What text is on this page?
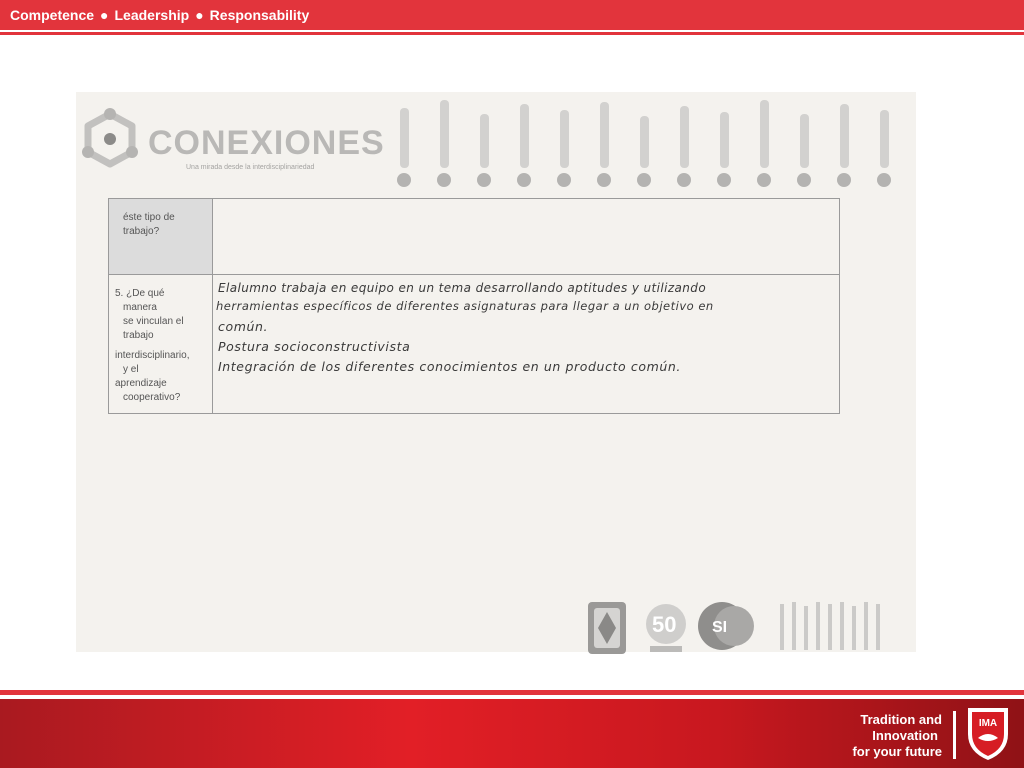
Competence ● Leadership ● Responsability
CONEXIONES
Una mirada desde la interdisciplinariedad
éste tipo de
trabajo?
5. ¿De qué
manera
se vinculan el
trabajo
interdisciplinario,
y el
aprendizaje
cooperativo?
Elalumno trabaja en equipo en un tema desarrollando aptitudes y utilizando
herramientas específicos de diferentes asignaturas para llegar a un objetivo en
común.
Postura socioconstructivista
Integración de los diferentes conocimientos en un producto común.
50 SI
Tradition and
Innovation
for your future
IMA
